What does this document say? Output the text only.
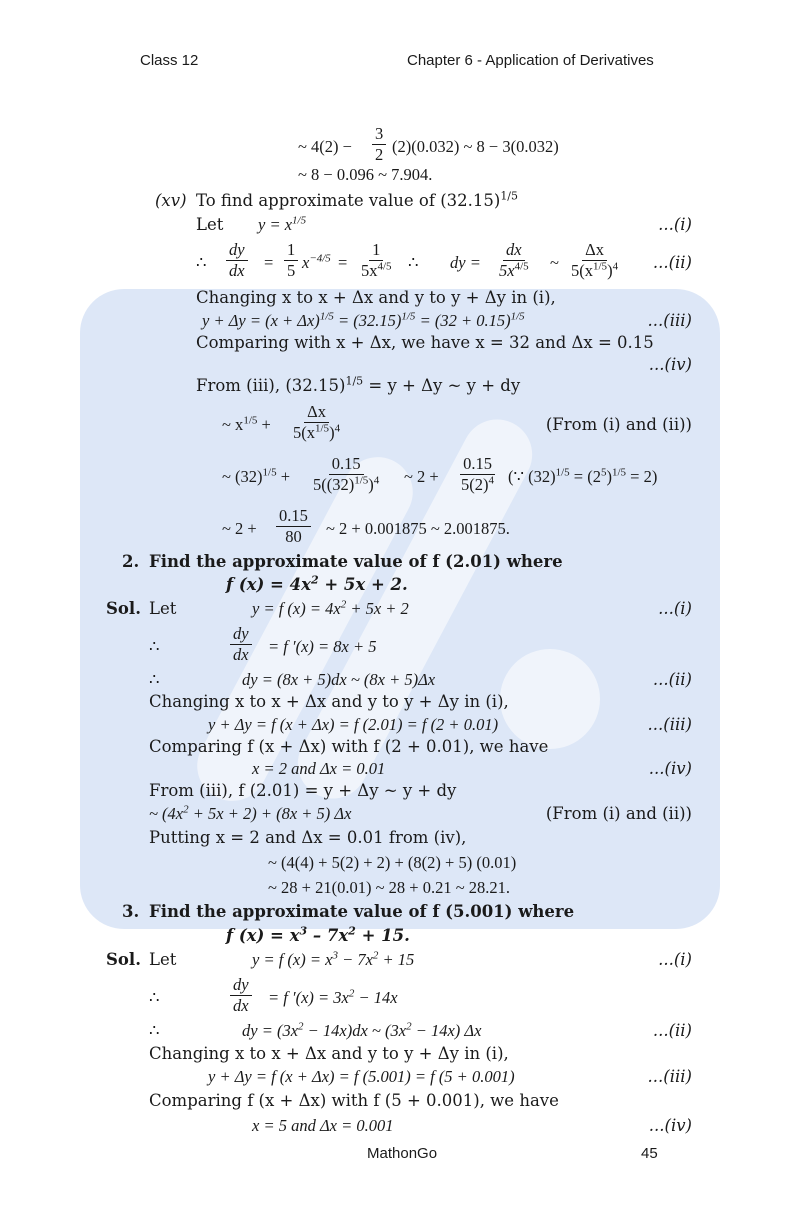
Class 12	Chapter 6 - Application of Derivatives
~ 4(2) −
3
2 (2)(0.032) ~ 8 − 3(0.032)
~ 8 − 0.096 ~ 7.904.
(xv) To find approximate value of $(32.15)^{1/5}$
Let $y = x^{1/5}$	...(i)
∴
dy
dx =
1
5 $x^{-4/5}$ =
1
$5x^{4/5}$ ∴ dy =
dx
$5x^{4/5}$ ~
Δx
$5(x^{1/5})^4$ ...(ii)
Changing x to x + Δx and y to y + Δy in (i),
$y + \Delta y = (x + \Delta x)^{1/5} = (32.15)^{1/5} = (32 + 0.15)^{1/5}$	...(iii)
Comparing with x + Δx, we have x = 32 and Δx = 0.15
...(iv)
From (iii), $(32.15)^{1/5} = y + \Delta y$ ~ y + dy
~ $x^{1/5}$ +
Δx
$5(x^{1/5})^4$	(From (i) and (ii))
~ $(32)^{1/5}$ +
0.15
$5((32)^{1/5})^4$ ~ 2 +
0.15
$5(2)^4$ (∵ $(32)^{1/5} = (2^5)^{1/5} = 2$)
~ 2 +
0.15
80 ~ 2 + 0.001875 ~ 2.001875.
2. Find the approximate value of f (2.01) where
f $(x) = 4x^2 + 5x + 2$.
Sol. Let	y = f $(x) = 4x^2 + 5x + 2$	...(i)
∴
dy
dx = f ′(x) = 8x + 5
∴	dy = (8x + 5)dx ~ (8x + 5)Δx	...(ii)
Changing x to x + Δx and y to y + Δy in (i),
y + Δy = f (x + Δx) = f (2.01) = f (2 + 0.01)	...(iii)
Comparing f (x + Δx) with f (2 + 0.01), we have
x = 2 and Δx = 0.01	...(iv)
From (iii), f (2.01) = y + Δy ~ y + dy
~ $(4x^2 + 5x + 2) + (8x + 5)$ Δx	(From (i) and (ii))
Putting x = 2 and Δx = 0.01 from (iv),
~ (4(4) + 5(2) + 2) + (8(2) + 5) (0.01)
~ 28 + 21(0.01) ~ 28 + 0.21 ~ 28.21.
3. Find the approximate value of f (5.001) where
f $(x) = x^3 - 7x^2 + 15$.
Sol. Let	y = f $(x) = x^3 - 7x^2 + 15$	...(i)
∴
dy
dx = f $'(x) = 3x^2 - 14x$
∴	dy = $(3x^2 - 14x)dx$ ~ $(3x^2 - 14x)$ Δx	...(ii)
Changing x to x + Δx and y to y + Δy in (i),
y + Δy = f (x + Δx) = f (5.001) = f (5 + 0.001)	...(iii)
Comparing f (x + Δx) with f (5 + 0.001), we have
x = 5 and Δx = 0.001	...(iv)
MathonGo	45
